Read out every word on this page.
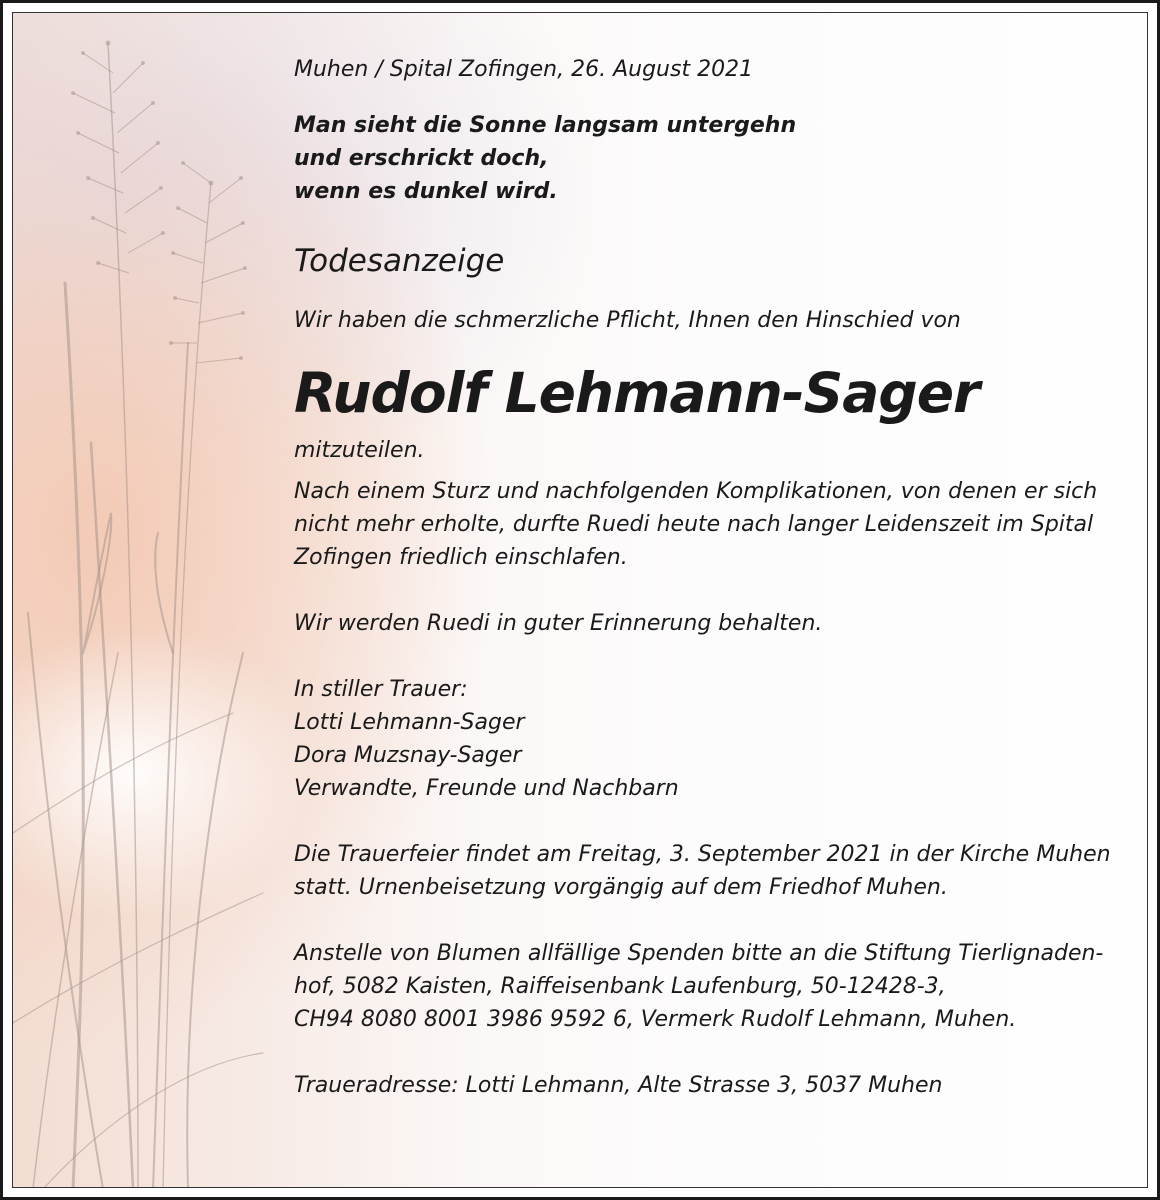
Muhen / Spital Zofingen, 26. August 2021

Man sieht die Sonne langsam untergehn

und erschrickt doch,

wenn es dunkel wird.

Todesanzeige

Wir haben die schmerzliche Pflicht, Ihnen den Hinschied von

Rudolf Lehmann-Sager

mitzuteilen.

Nach einem Sturz und nachfolgenden Komplikationen, von denen er sich

nicht mehr erholte, durfte Ruedi heute nach langer Leidenszeit im Spital

Zofingen friedlich einschlafen.

Wir werden Ruedi in guter Erinnerung behalten.

In stiller Trauer:

Lotti Lehmann-Sager

Dora Muzsnay-Sager

Verwandte, Freunde und Nachbarn

Die Trauerfeier findet am Freitag, 3. September 2021 in der Kirche Muhen

statt. Urnenbeisetzung vorgängig auf dem Friedhof Muhen.

Anstelle von Blumen allfällige Spenden bitte an die Stiftung Tierlignaden-

hof, 5082 Kaisten, Raiffeisenbank Laufenburg, 50-12428-3,

CH94 8080 8001 3986 9592 6, Vermerk Rudolf Lehmann, Muhen.

Traueradresse: Lotti Lehmann, Alte Strasse 3, 5037 Muhen
